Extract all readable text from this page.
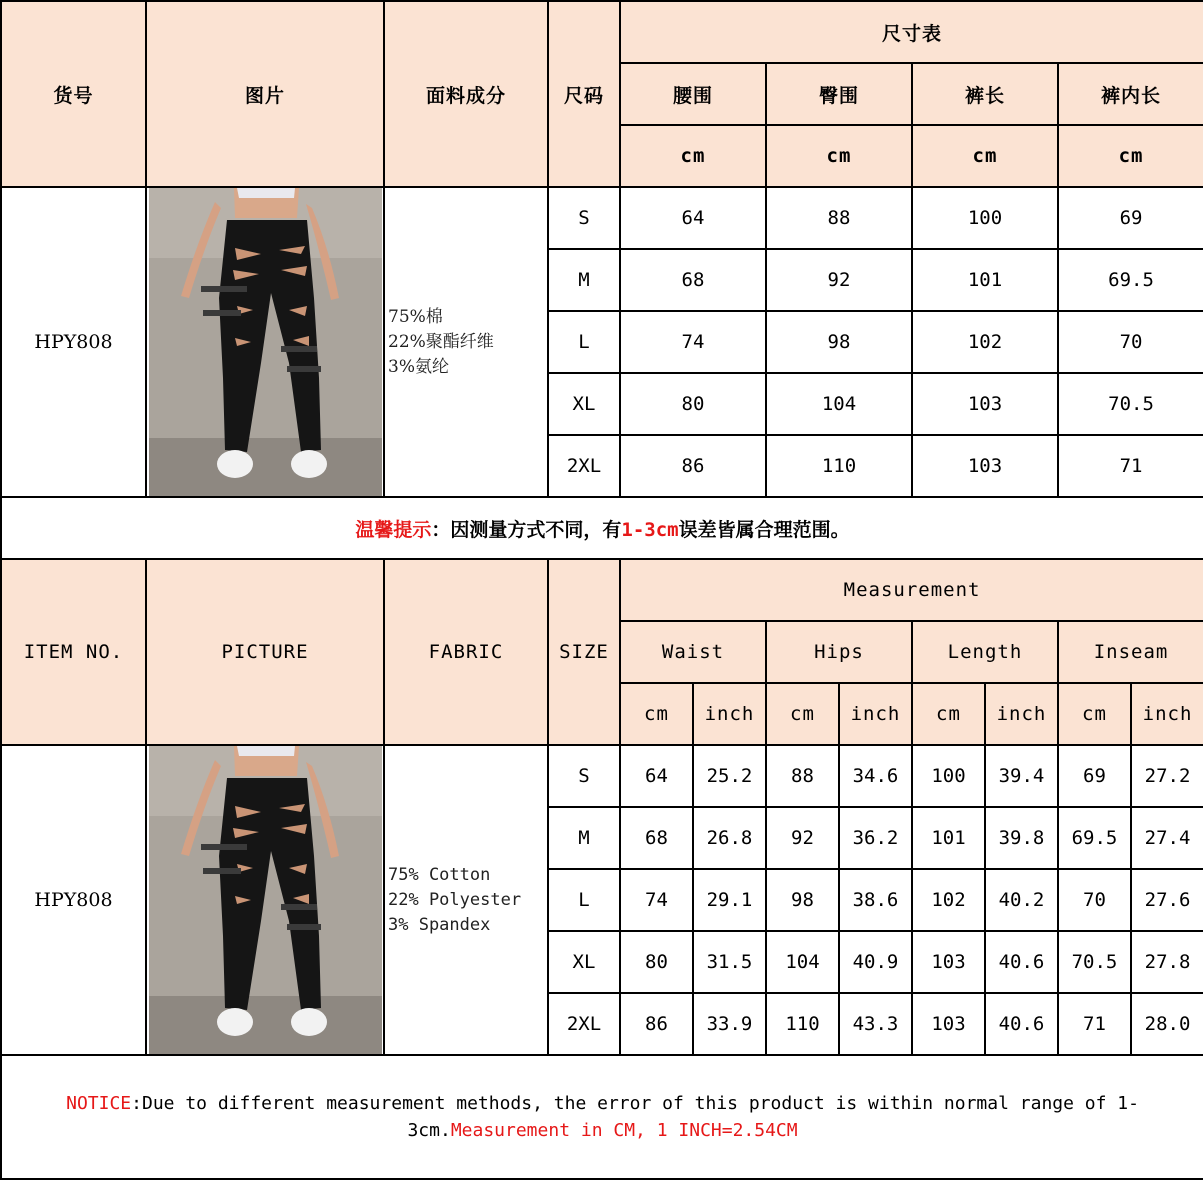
货号	图片	面料成分	尺码	尺寸表			
				腰围	臀围	裤长	裤内长
				cm	cm	cm	cm
HPY808		75%棉
22%聚酯纤维
3%氨纶	S	64	88	100	69
			M	68	92	101	69.5
			L	74	98	102	70
			XL	80	104	103	70.5
			2XL	86	110	103	71
温馨提示：因测量方式不同，有1-3cm误差皆属合理范围。							
ITEM NO.	PICTURE	FABRIC	SIZE	Measurement							
				Waist		Hips		Length		Inseam	
				cm	inch	cm	inch	cm	inch	cm	inch
HPY808		75% Cotton
22% Polyester
3% Spandex	S	64	25.2	88	34.6	100	39.4	69	27.2
			M	68	26.8	92	36.2	101	39.8	69.5	27.4
			L	74	29.1	98	38.6	102	40.2	70	27.6
			XL	80	31.5	104	40.9	103	40.6	70.5	27.8
			2XL	86	33.9	110	43.3	103	40.6	71	28.0
NOTICE:Due to different measurement methods, the error of this product is within normal range of 1-3cm.Measurement in CM, 1 INCH=2.54CM											
